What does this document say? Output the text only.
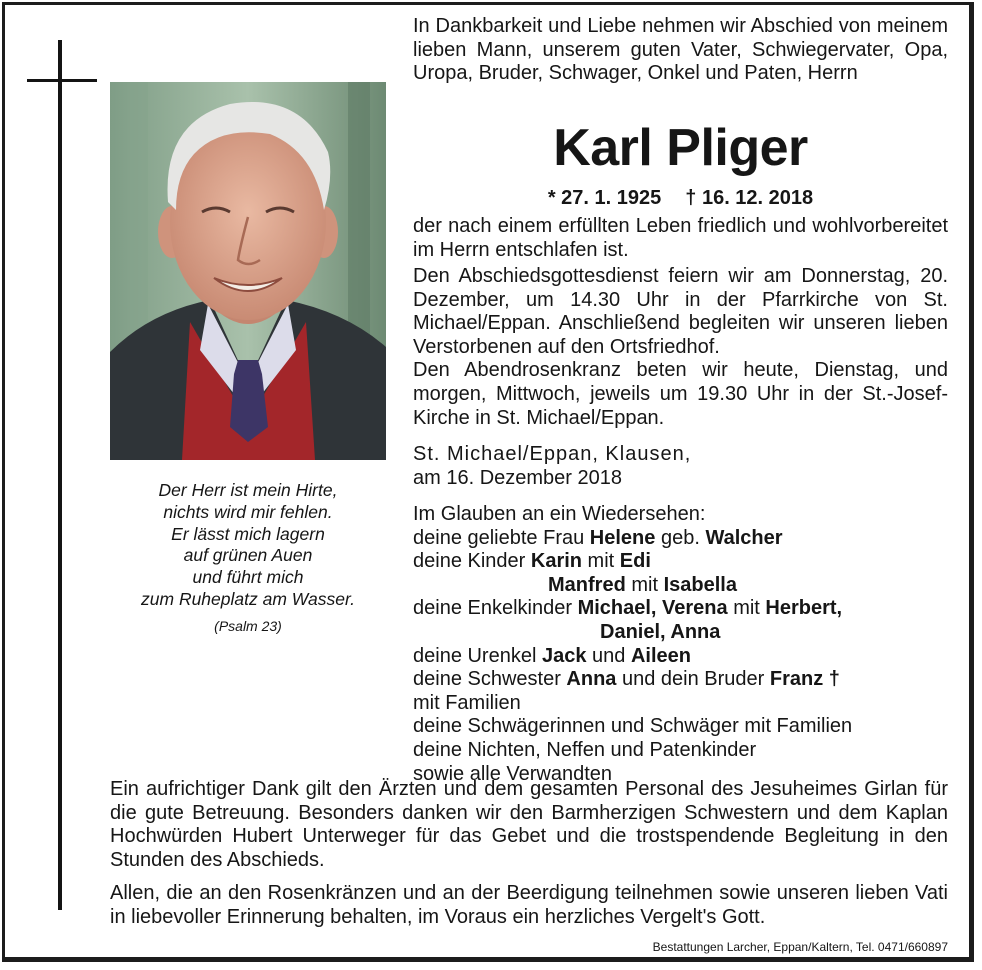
Der Herr ist mein Hirte,
nichts wird mir fehlen.
Er lässt mich lagern
auf grünen Auen
und führt mich
zum Ruheplatz am Wasser.
(Psalm 23)
In Dankbarkeit und Liebe nehmen wir Abschied von meinem lieben Mann, unserem guten Vater, Schwiegervater, Opa, Uropa, Bruder, Schwager, Onkel und Paten, Herrn
Karl Pliger
* 27. 1. 1925 † 16. 12. 2018
der nach einem erfüllten Leben friedlich und wohlvorbereitet im Herrn entschlafen ist.
Den Abschiedsgottesdienst feiern wir am Donnerstag, 20. Dezember, um 14.30 Uhr in der Pfarrkirche von St. Michael/Eppan. Anschließend begleiten wir unseren lieben Verstorbenen auf den Ortsfriedhof.
Den Abendrosenkranz beten wir heute, Dienstag, und morgen, Mittwoch, jeweils um 19.30 Uhr in der St.-Josef-Kirche in St. Michael/Eppan.
St. Michael/Eppan, Klausen,
am 16. Dezember 2018
Im Glauben an ein Wiedersehen:
deine geliebte Frau Helene geb. Walcher
deine Kinder Karin mit Edi
Manfred mit Isabella
deine Enkelkinder Michael, Verena mit Herbert,
Daniel, Anna
deine Urenkel Jack und Aileen
deine Schwester Anna und dein Bruder Franz †
mit Familien
deine Schwägerinnen und Schwäger mit Familien
deine Nichten, Neffen und Patenkinder
sowie alle Verwandten
Ein aufrichtiger Dank gilt den Ärzten und dem gesamten Personal des Jesuheimes Girlan für die gute Betreuung. Besonders danken wir den Barmherzigen Schwestern und dem Kaplan Hochwürden Hubert Unterweger für das Gebet und die trostspendende Begleitung in den Stunden des Abschieds.
Allen, die an den Rosenkränzen und an der Beerdigung teilnehmen sowie unseren lieben Vati in liebevoller Erinnerung behalten, im Voraus ein herzliches Vergelt's Gott.
Bestattungen Larcher, Eppan/Kaltern, Tel. 0471/660897
